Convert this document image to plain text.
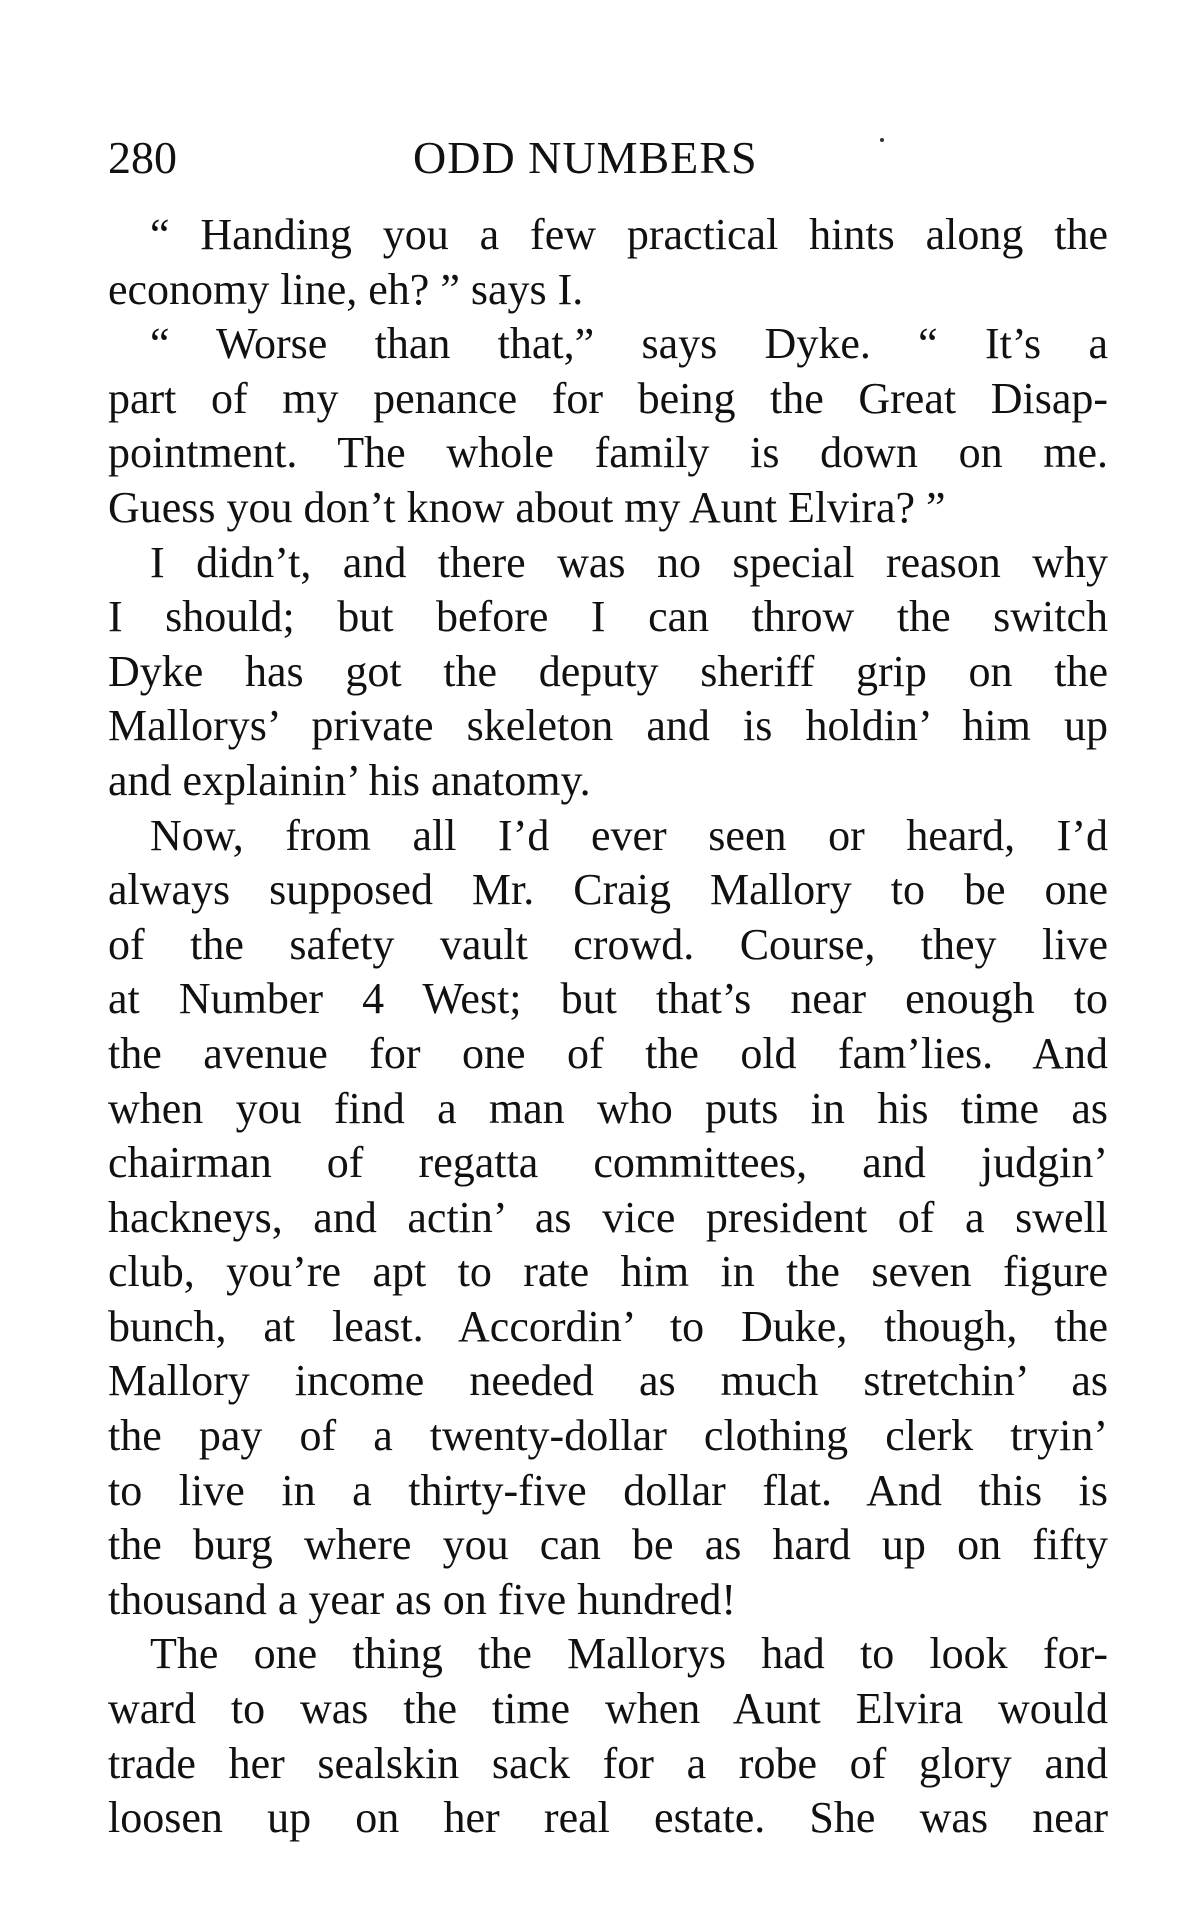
280	ODD NUMBERS
“ Handing you a few practical hints along the
economy line, eh? ” says I.
“ Worse than that,” says Dyke. “ It’s a
part of my penance for being the Great Disap-
pointment. The whole family is down on me.
Guess you don’t know about my Aunt Elvira? ”
I didn’t, and there was no special reason why
I should; but before I can throw the switch
Dyke has got the deputy sheriff grip on the
Mallorys’ private skeleton and is holdin’ him up
and explainin’ his anatomy.
Now, from all I’d ever seen or heard, I’d
always supposed Mr. Craig Mallory to be one
of the safety vault crowd. Course, they live
at Number 4 West; but that’s near enough to
the avenue for one of the old fam’lies. And
when you find a man who puts in his time as
chairman of regatta committees, and judgin’
hackneys, and actin’ as vice president of a swell
club, you’re apt to rate him in the seven figure
bunch, at least. Accordin’ to Duke, though, the
Mallory income needed as much stretchin’ as
the pay of a twenty-dollar clothing clerk tryin’
to live in a thirty-five dollar flat. And this is
the burg where you can be as hard up on fifty
thousand a year as on five hundred!
The one thing the Mallorys had to look for-
ward to was the time when Aunt Elvira would
trade her sealskin sack for a robe of glory and
loosen up on her real estate. She was near
